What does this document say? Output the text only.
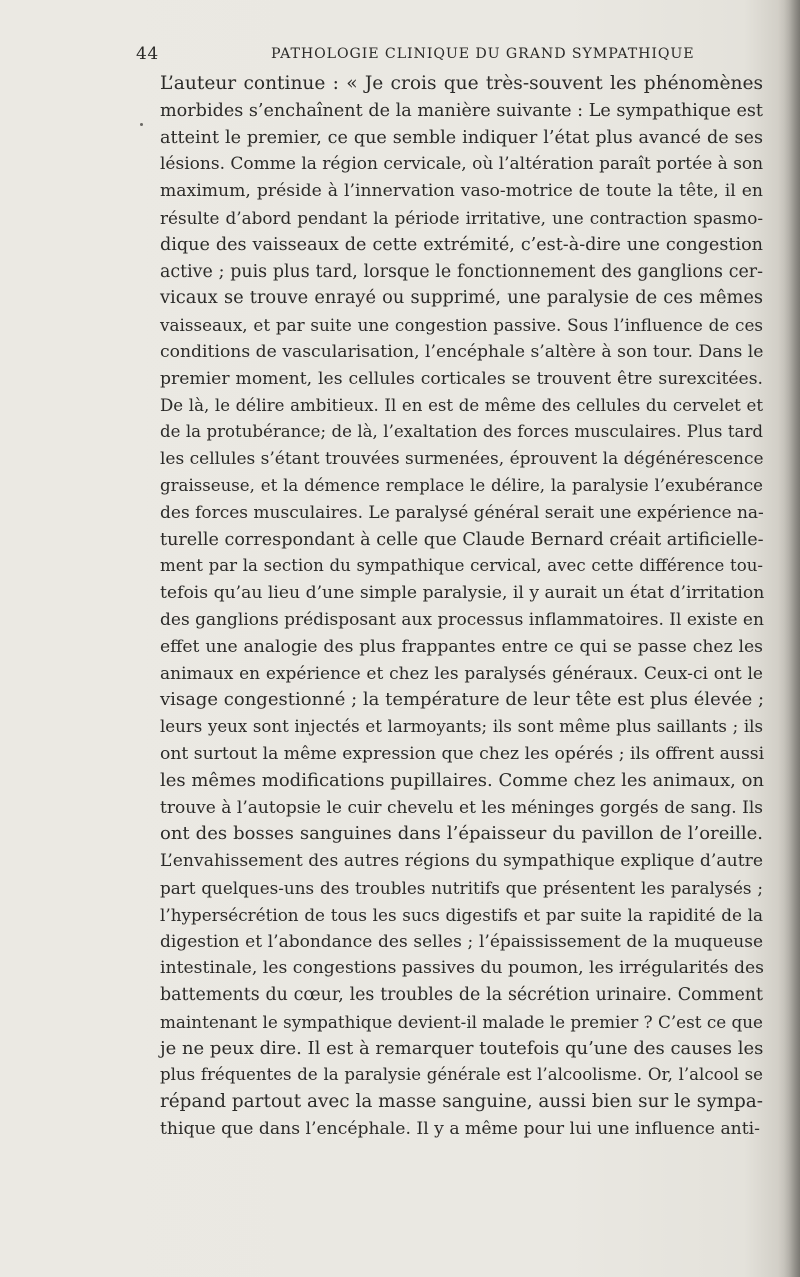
44	PATHOLOGIE CLINIQUE DU GRAND SYMPATHIQUE
L’auteur continue : « Je crois que très-souvent les phénomènes
morbides s’enchaînent de la manière suivante : Le sympathique est
atteint le premier, ce que semble indiquer l’état plus avancé de ses
lésions. Comme la région cervicale, où l’altération paraît portée à son
maximum, préside à l’innervation vaso-motrice de toute la tête, il en
résulte d’abord pendant la période irritative, une contraction spasmo-
dique des vaisseaux de cette extrémité, c’est-à-dire une congestion
active ; puis plus tard, lorsque le fonctionnement des ganglions cer-
vicaux se trouve enrayé ou supprimé, une paralysie de ces mêmes
vaisseaux, et par suite une congestion passive. Sous l’influence de ces
conditions de vascularisation, l’encéphale s’altère à son tour. Dans le
premier moment, les cellules corticales se trouvent être surexcitées.
De là, le délire ambitieux. Il en est de même des cellules du cervelet et
de la protubérance; de là, l’exaltation des forces musculaires. Plus tard
les cellules s’étant trouvées surmenées, éprouvent la dégénérescence
graisseuse, et la démence remplace le délire, la paralysie l’exubérance
des forces musculaires. Le paralysé général serait une expérience na-
turelle correspondant à celle que Claude Bernard créait artificielle-
ment par la section du sympathique cervical, avec cette différence tou-
tefois qu’au lieu d’une simple paralysie, il y aurait un état d’irritation
des ganglions prédisposant aux processus inflammatoires. Il existe en
effet une analogie des plus frappantes entre ce qui se passe chez les
animaux en expérience et chez les paralysés généraux. Ceux-ci ont le
visage congestionné ; la température de leur tête est plus élevée ;
leurs yeux sont injectés et larmoyants; ils sont même plus saillants ; ils
ont surtout la même expression que chez les opérés ; ils offrent aussi
les mêmes modifications pupillaires. Comme chez les animaux, on
trouve à l’autopsie le cuir chevelu et les méninges gorgés de sang. Ils
ont des bosses sanguines dans l’épaisseur du pavillon de l’oreille.
L’envahissement des autres régions du sympathique explique d’autre
part quelques-uns des troubles nutritifs que présentent les paralysés ;
l’hypersécrétion de tous les sucs digestifs et par suite la rapidité de la
digestion et l’abondance des selles ; l’épaississement de la muqueuse
intestinale, les congestions passives du poumon, les irrégularités des
battements du cœur, les troubles de la sécrétion urinaire. Comment
maintenant le sympathique devient-il malade le premier ? C’est ce que
je ne peux dire. Il est à remarquer toutefois qu’une des causes les
plus fréquentes de la paralysie générale est l’alcoolisme. Or, l’alcool se
répand partout avec la masse sanguine, aussi bien sur le sympa-
thique que dans l’encéphale. Il y a même pour lui une influence anti-
